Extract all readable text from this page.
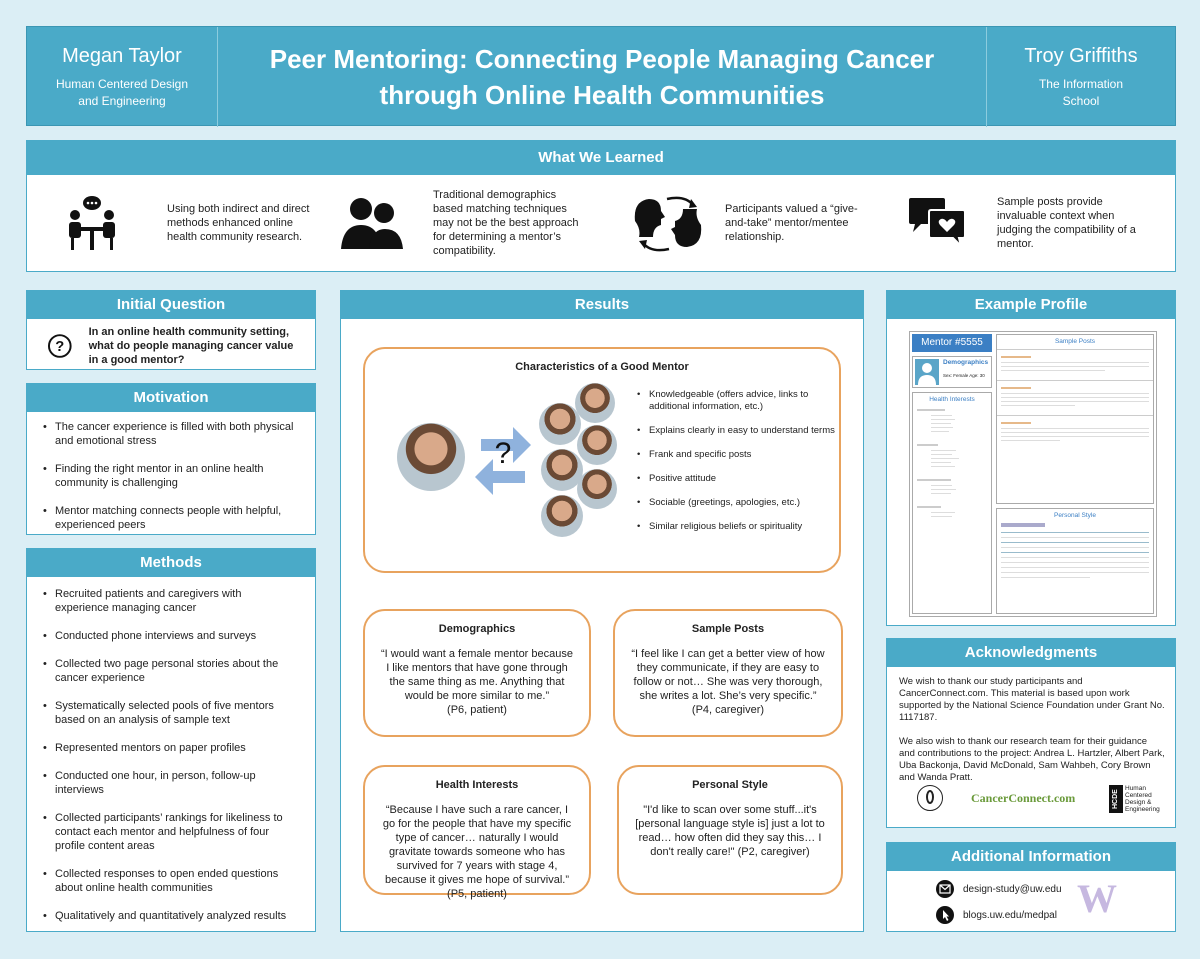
Megan Taylor
Human Centered Design
and Engineering
Peer Mentoring: Connecting People Managing Cancer
through Online Health Communities
Troy Griffiths
The Information
School
What We Learned
Using both indirect and direct methods enhanced online health community research.
Traditional demographics based matching techniques may not be the best approach for determining a mentor’s compatibility.
Participants valued a “give-and-take” mentor/mentee relationship.
Sample posts provide invaluable context when judging the compatibility of a mentor.
Initial Question
?
In an online health community setting, what do people managing cancer value in a good mentor?
Motivation
• The cancer experience is filled with both physical and emotional stress
• Finding the right mentor in an online health community is challenging
• Mentor matching connects people with helpful, experienced peers
Methods
• Recruited patients and caregivers with experience managing cancer
• Conducted phone interviews and surveys
• Collected two page personal stories about the cancer experience
• Systematically selected pools of five mentors based on an analysis of sample text
• Represented mentors on paper profiles
• Conducted one hour, in person, follow-up interviews
• Collected participants’ rankings for likeliness to contact each mentor and helpfulness of four profile content areas
• Collected responses to open ended questions about online health communities
• Qualitatively and quantitatively analyzed results
Results
Characteristics of a Good Mentor
?
• Knowledgeable (offers advice, links to additional information, etc.)
• Explains clearly in easy to understand terms
• Frank and specific posts
• Positive attitude
• Sociable (greetings, apologies, etc.)
• Similar religious beliefs or spirituality
Demographics
“I would want a female mentor because I like mentors that have gone through the same thing as me. Anything that would be more similar to me.”
(P6, patient)
Sample Posts
“I feel like I can get a better view of how they communicate, if they are easy to follow or not… She was very thorough, she writes a lot. She’s very specific.”
(P4, caregiver)
Health Interests
“Because I have such a rare cancer, I go for the people that have my specific type of cancer… naturally I would gravitate towards someone who has survived for 7 years with stage 4, because it gives me hope of survival.” (P5, patient)
Personal Style
"I'd like to scan over some stuff...it's [personal language style is] just a lot to read… how often did they say this… I don't really care!" (P2, caregiver)
Example Profile
Mentor #5555
Demographics
Sex: Female Age: 30
Health Interests
Sample Posts
Personal Style
Acknowledgments
We wish to thank our study participants and CancerConnect.com. This material is based upon work supported by the National Science Foundation under Grant No. 1117187.
We also wish to thank our research team for their guidance and contributions to the project: Andrea L. Hartzler, Albert Park, Uba Backonja, David McDonald, Sam Wahbeh, Cory Brown and Wanda Pratt.
CancerConnect.com	HCDE
Human
Centered
Design &
Engineering
Additional Information
design-study@uw.edu
blogs.uw.edu/medpal W
